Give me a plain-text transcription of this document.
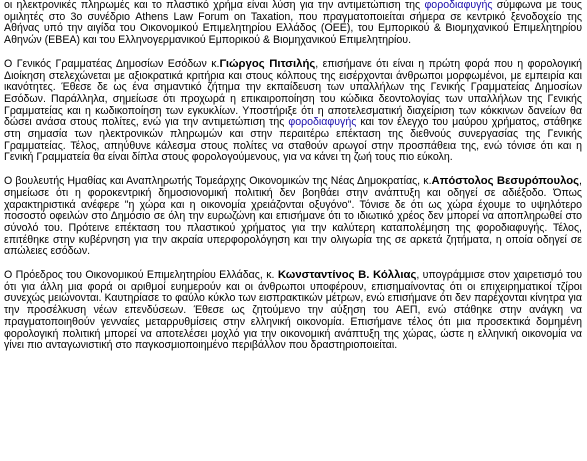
οι ηλεκτρονικές πληρωμές και το πλαστικό χρήμα είναι λύση για την αντιμετώπιση της φοροδιαφυγής σύμφωνα με τους ομιλητές στο 3ο συνέδριο Athens Law Forum on Taxation, που πραγματοποιείται σήμερα σε κεντρικό ξενοδοχείο της Αθήνας υπό την αιγίδα του Οικονομικού Επιμελητηρίου Ελλάδος (ΟΕΕ), του Εμπορικού & Βιομηχανικού Επιμελητηρίου Αθηνών (ΕΒΕΑ) και του Ελληνογερμανικού Εμπορικού & Βιομηχανικού Επιμελητηρίου.

Ο Γενικός Γραμματέας Δημοσίων Εσόδων κ.Γιώργος Πιτσιλής, επισήμανε ότι είναι η πρώτη φορά που η φορολογική Διοίκηση στελεχώνεται με αξιοκρατικά κριτήρια και στους κόλπους της εισέρχονται άνθρωποι μορφωμένοι, με εμπειρία και ικανότητες. Έθεσε δε ως ένα σημαντικό ζήτημα την εκπαίδευση των υπαλλήλων της Γενικής Γραμματείας Δημοσίων Εσόδων. Παράλληλα, σημείωσε ότι προχωρά η επικαιροποίηση του κώδικα δεοντολογίας των υπαλλήλων της Γενικής Γραμματείας και η κωδικοποίηση των εγκυκλίων. Υποστήριξε ότι η αποτελεσματική διαχείριση των κόκκινων δανείων θα δώσει ανάσα στους πολίτες, ενώ για την αντιμετώπιση της φοροδιαφυγής και τον έλεγχο του μαύρου χρήματος, στάθηκε στη σημασία των ηλεκτρονικών πληρωμών και στην περαιτέρω επέκταση της διεθνούς συνεργασίας της Γενικής Γραμματείας. Τέλος, απηύθυνε κάλεσμα στους πολίτες να σταθούν αρωγοί στην προσπάθεια της, ενώ τόνισε ότι και η Γενική Γραμματεία θα είναι δίπλα στους φορολογούμενους, για να κάνει τη ζωή τους πιο εύκολη.

Ο βουλευτής Ημαθίας και Αναπληρωτής Τομεάρχης Οικονομικών της Νέας Δημοκρατίας, κ.Απόστολος Βεσυρόπουλος, σημείωσε ότι η φοροκεντρική δημοσιονομική πολιτική δεν βοηθάει στην ανάπτυξη και οδηγεί σε αδιέξοδο. Όπως χαρακτηριστικά ανέφερε "η χώρα και η οικονομία χρειάζονται οξυγόνο". Τόνισε δε ότι ως χώρα έχουμε το υψηλότερο ποσοστό οφειλών στο Δημόσιο σε όλη την ευρωζώνη και επισήμανε ότι το ιδιωτικό χρέος δεν μπορεί να αποπληρωθεί στο σύνολό του. Πρότεινε επέκταση του πλαστικού χρήματος για την καλύτερη καταπολέμηση της φοροδιαφυγής. Τέλος, επιτέθηκε στην κυβέρνηση για την ακραία υπερφορολόγηση και την ολιγωρία της σε αρκετά ζητήματα, η οποία οδηγεί σε απώλειες εσόδων.

Ο Πρόεδρος του Οικονομικού Επιμελητηρίου Ελλάδας, κ. Κωνσταντίνος Β. Κόλλιας, υπογράμμισε στον χαιρετισμό του ότι για άλλη μια φορά οι αριθμοί ευημερούν και οι άνθρωποι υποφέρουν, επισημαίνοντας ότι οι επιχειρηματικοί τζίροι συνεχώς μειώνονται. Καυτηρίασε το φαύλο κύκλο των εισπρακτικών μέτρων, ενώ επισήμανε ότι δεν παρέχονται κίνητρα για την προσέλκυση νέων επενδύσεων. Έθεσε ως ζητούμενο την αύξηση του ΑΕΠ, ενώ στάθηκε στην ανάγκη να πραγματοποιηθούν γενναίες μεταρρυθμίσεις στην ελληνική οικονομία. Επισήμανε τέλος ότι μια προσεκτικά δομημένη φορολογική πολιτική μπορεί να αποτελέσει μοχλό για την οικονομική ανάπτυξη της χώρας, ώστε η ελληνική οικονομία να γίνει πιο ανταγωνιστική στο παγκοσμιοποιημένο περιβάλλον που δραστηριοποιείται.
